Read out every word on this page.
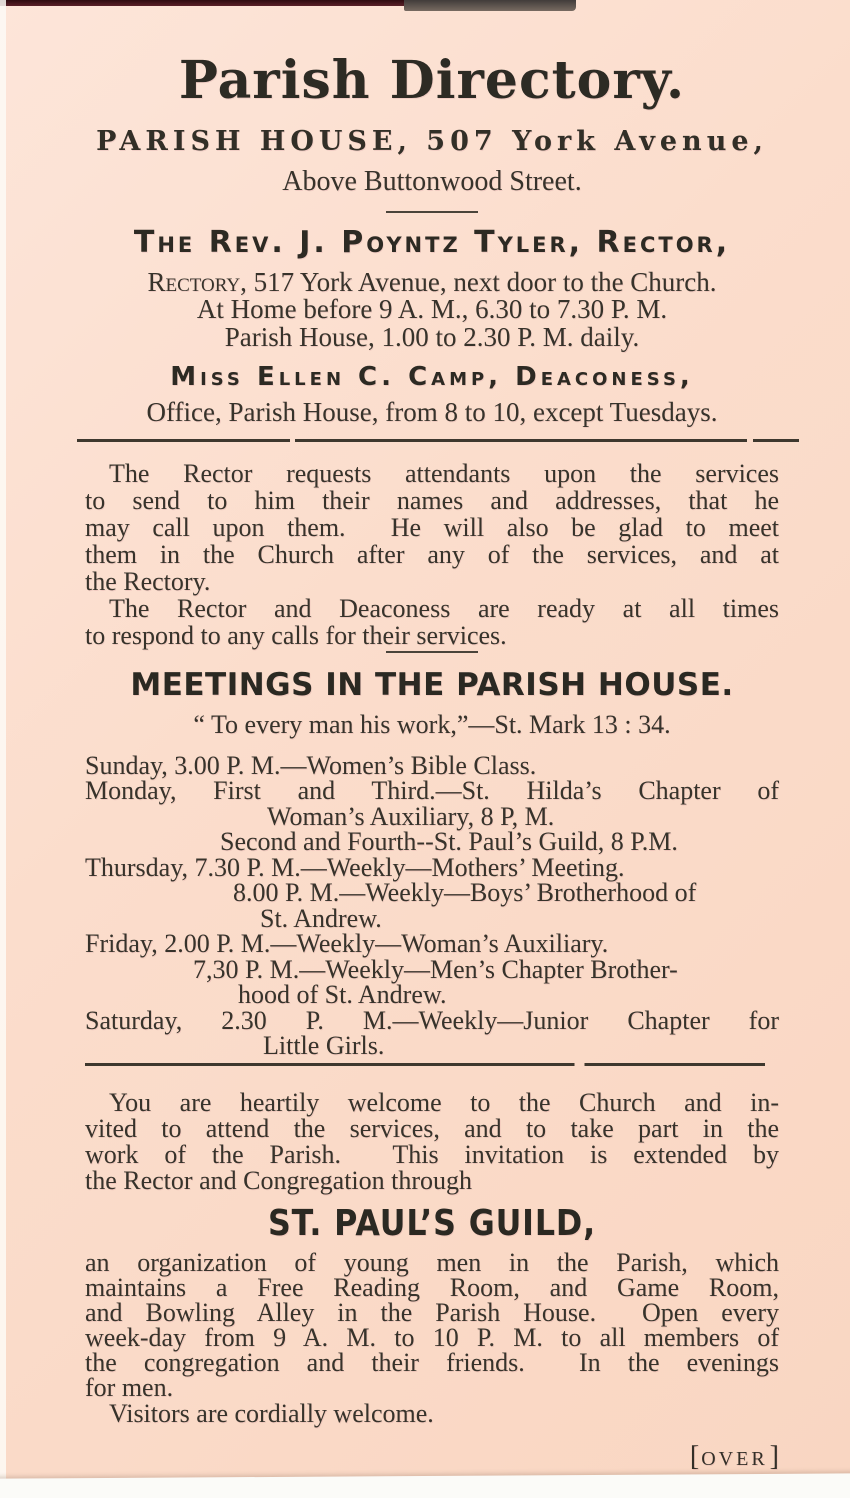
Parish Directory.
PARISH HOUSE, 507 York Avenue,
Above Buttonwood Street.
The Rev. J. Poyntz Tyler, Rector,
Rectory, 517 York Avenue, next door to the Church.
At Home before 9 A. M., 6.30 to 7.30 P. M.
Parish House, 1.00 to 2.30 P. M. daily.
Miss Ellen C. Camp, Deaconess,
Office, Parish House, from 8 to 10, except Tuesdays.
The Rector requests attendants upon the services
to send to him their names and addresses, that he
may call upon them.  He will also be glad to meet
them in the Church after any of the services, and at
the Rectory.
The Rector and Deaconess are ready at all times
to respond to any calls for their services.
MEETINGS IN THE PARISH HOUSE.
“ To every man his work,”—St. Mark 13 : 34.
Sunday, 3.00 P. M.—Women’s Bible Class.
Monday, First and Third.—St. Hilda’s Chapter of
Woman’s Auxiliary, 8 P, M.
Second and Fourth--St. Paul’s Guild, 8 P.M.
Thursday, 7.30 P. M.—Weekly—Mothers’ Meeting.
8.00 P. M.—Weekly—Boys’ Brotherhood of
St. Andrew.
Friday, 2.00 P. M.—Weekly—Woman’s Auxiliary.
7,30 P. M.—Weekly—Men’s Chapter Brother-
hood of St. Andrew.
Saturday, 2.30 P. M.—Weekly—Junior Chapter for
Little Girls.
You are heartily welcome to the Church and in-
vited to attend the services, and to take part in the
work of the Parish.  This invitation is extended by
the Rector and Congregation through
ST. PAUL’S GUILD,
an organization of young men in the Parish, which
maintains a Free Reading Room, and Game Room,
and Bowling Alley in the Parish House.  Open every
week-day from 9 A. M. to 10 P. M. to all members of
the congregation and their friends.  In the evenings
for men.
Visitors are cordially welcome.
[ OVER]
